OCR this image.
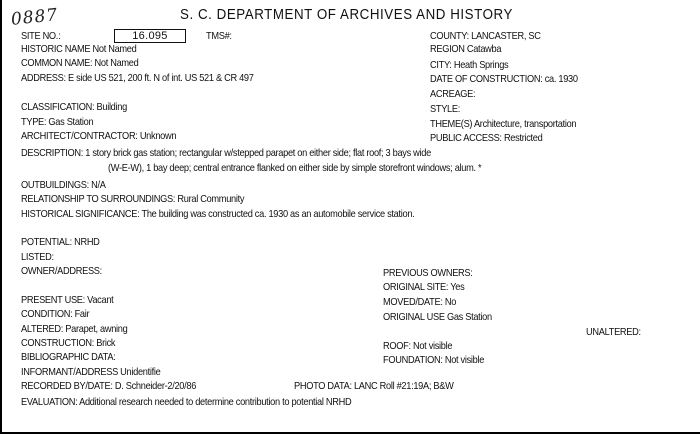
0887	S. C. DEPARTMENT OF ARCHIVES AND HISTORY
SITE NO.:	16.095	TMS#:	COUNTY: LANCASTER, SC
HISTORIC NAME Not Named	REGION Catawba
COMMON NAME: Not Named	CITY: Heath Springs
ADDRESS: E side US 521, 200 ft. N of int. US 521 & CR 497	DATE OF CONSTRUCTION: ca. 1930
ACREAGE:
CLASSIFICATION: Building	STYLE:
TYPE: Gas Station	THEME(S) Architecture, transportation
ARCHITECT/CONTRACTOR: Unknown	PUBLIC ACCESS: Restricted
DESCRIPTION: 1 story brick gas station; rectangular w/stepped parapet on either side; flat roof; 3 bays wide
(W-E-W), 1 bay deep; central entrance flanked on either side by simple storefront windows; alum. *
OUTBUILDINGS: N/A
RELATIONSHIP TO SURROUNDINGS: Rural Community
HISTORICAL SIGNIFICANCE: The building was constructed ca. 1930 as an automobile service station.
POTENTIAL: NRHD
LISTED:
OWNER/ADDRESS:	PREVIOUS OWNERS:
ORIGINAL SITE: Yes
PRESENT USE: Vacant	MOVED/DATE: No
CONDITION: Fair	ORIGINAL USE Gas Station
ALTERED: Parapet, awning	UNALTERED:
CONSTRUCTION: Brick	ROOF: Not visible
BIBLIOGRAPHIC DATA:	FOUNDATION: Not visible
INFORMANT/ADDRESS Unidentifie
RECORDED BY/DATE: D. Schneider-2/20/86	PHOTO DATA: LANC Roll #21:19A; B&W
EVALUATION: Additional research needed to determine contribution to potential NRHD
